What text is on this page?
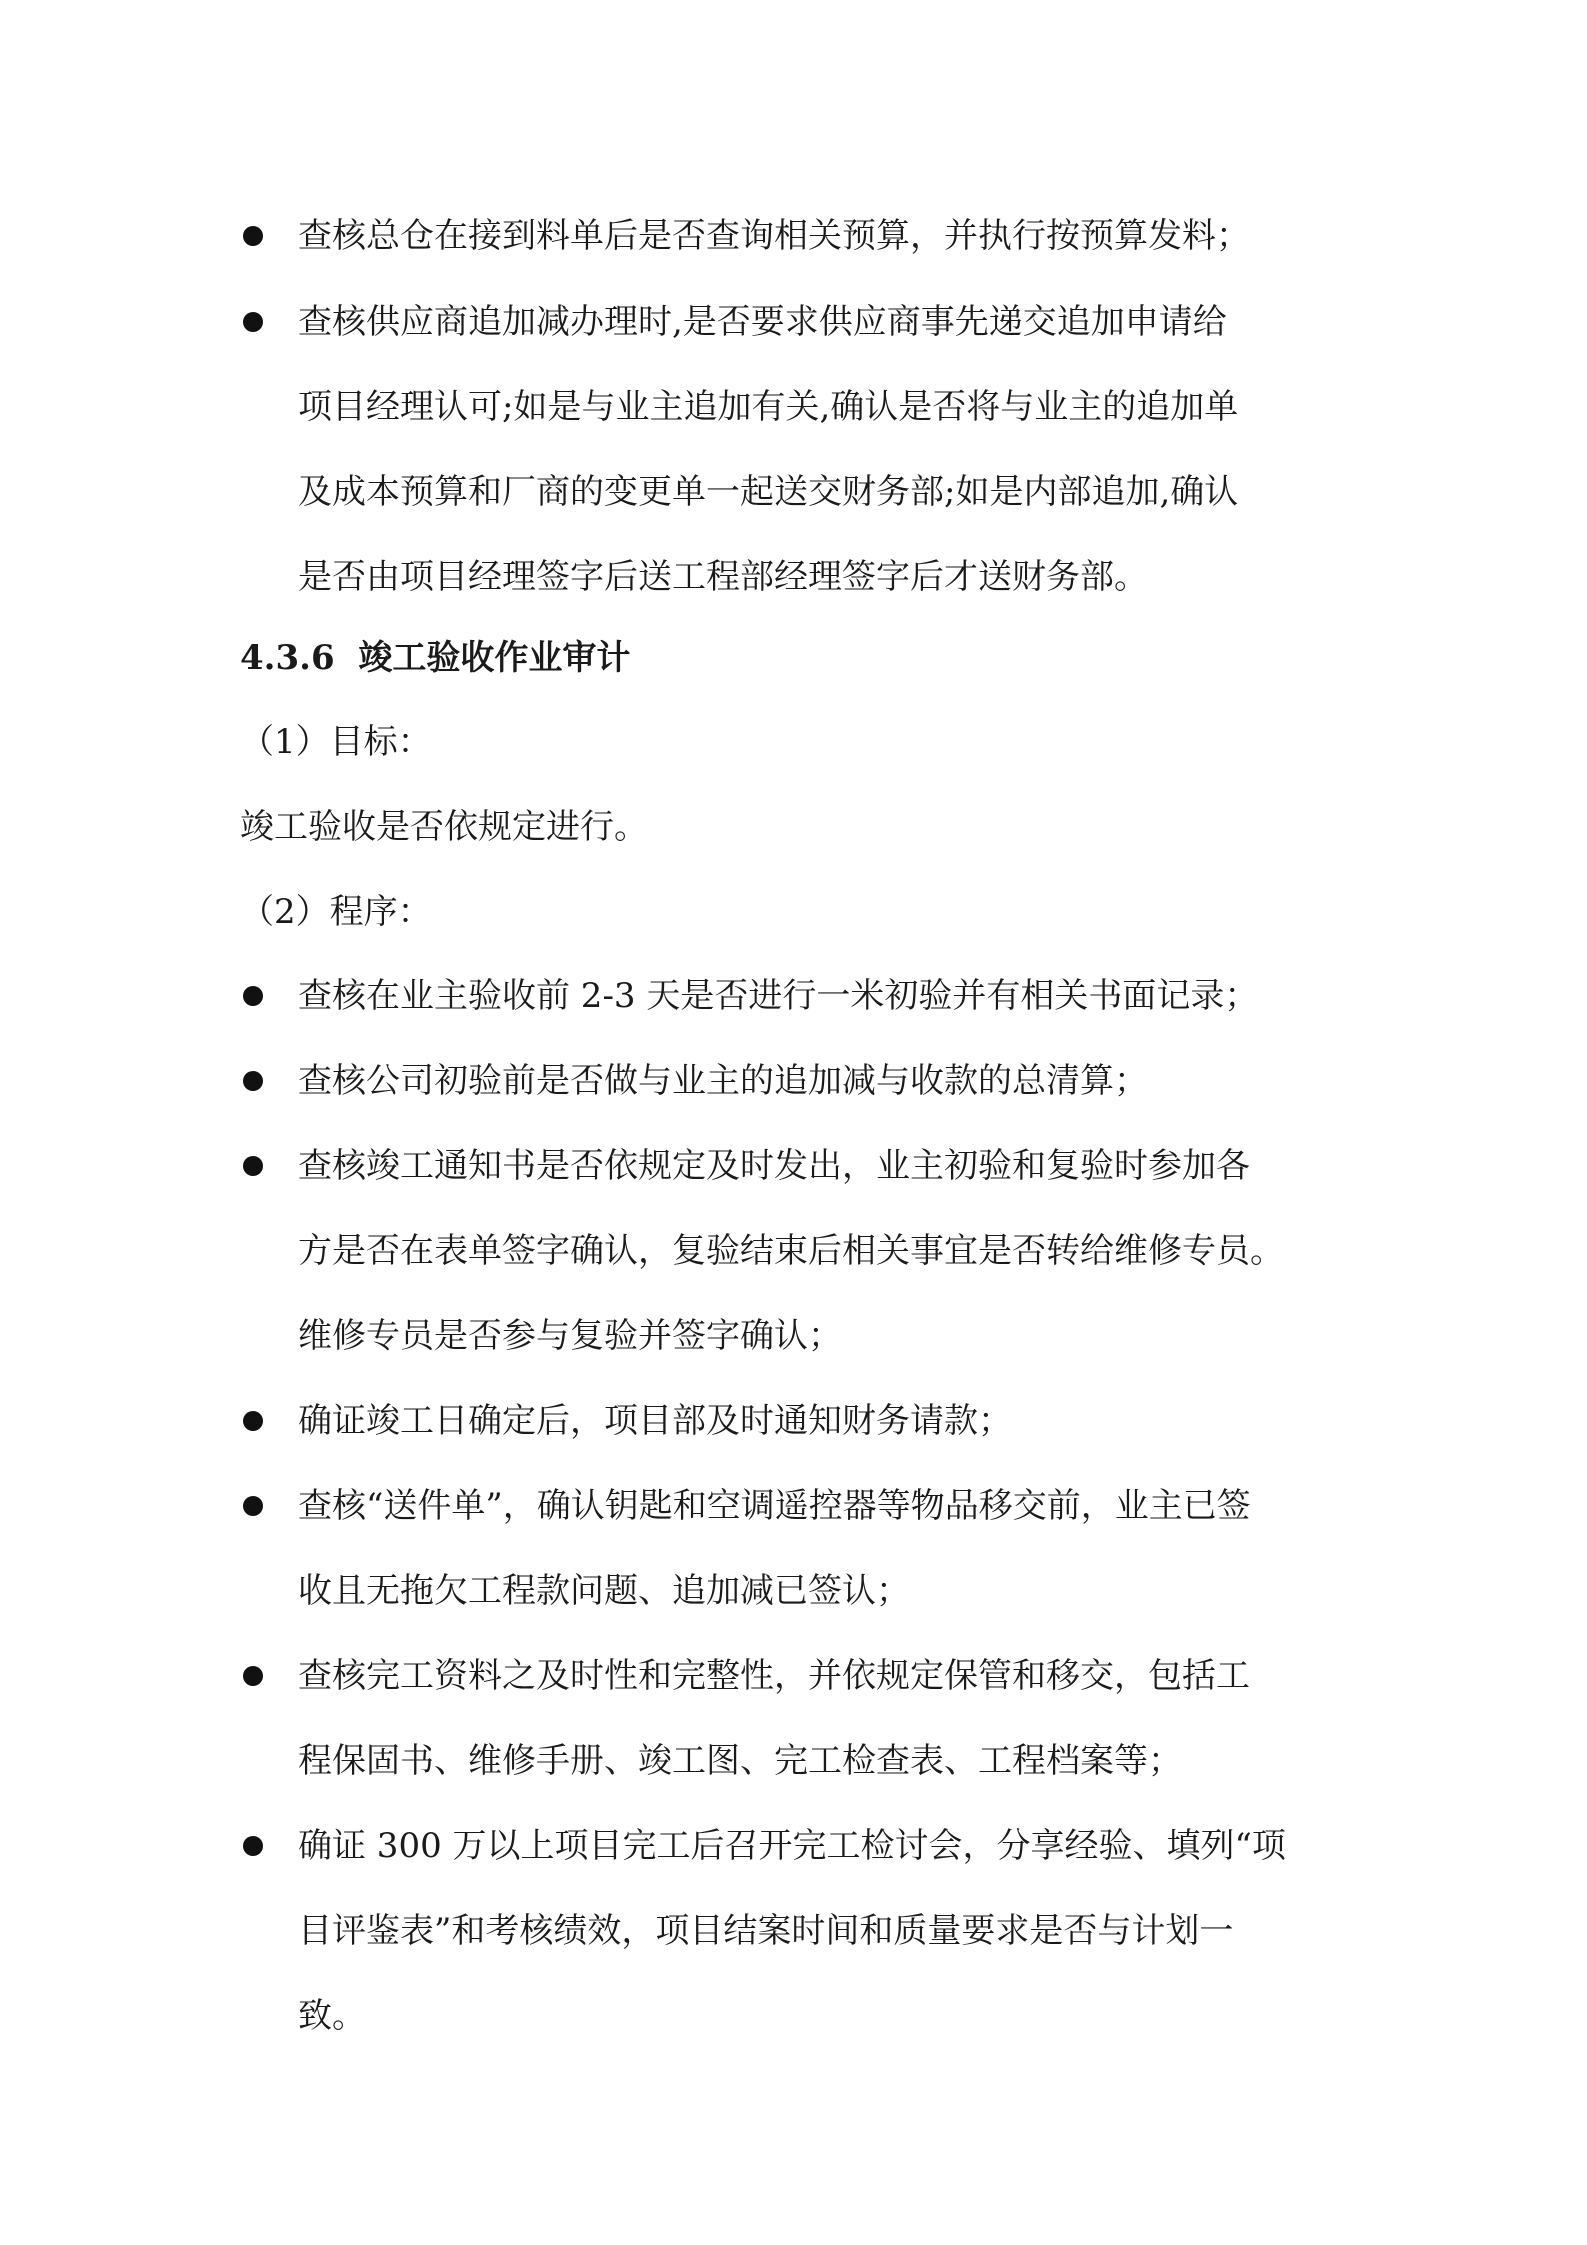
查核总仓在接到料单后是否查询相关预算，并执行按预算发料；
查核供应商追加减办理时,是否要求供应商事先递交追加申请给
项目经理认可;如是与业主追加有关,确认是否将与业主的追加单
及成本预算和厂商的变更单一起送交财务部;如是内部追加,确认
是否由项目经理签字后送工程部经理签字后才送财务部。
4.3.6 竣工验收作业审计
（1）目标：
竣工验收是否依规定进行。
（2）程序：
查核在业主验收前 2-3 天是否进行一米初验并有相关书面记录；
查核公司初验前是否做与业主的追加减与收款的总清算；
查核竣工通知书是否依规定及时发出，业主初验和复验时参加各
方是否在表单签字确认，复验结束后相关事宜是否转给维修专员。
维修专员是否参与复验并签字确认；
确证竣工日确定后，项目部及时通知财务请款；
查核“送件单”，确认钥匙和空调遥控器等物品移交前，业主已签
收且无拖欠工程款问题、追加减已签认；
查核完工资料之及时性和完整性，并依规定保管和移交，包括工
程保固书、维修手册、竣工图、完工检查表、工程档案等；
确证 300 万以上项目完工后召开完工检讨会，分享经验、填列“项
目评鉴表”和考核绩效，项目结案时间和质量要求是否与计划一
致。
